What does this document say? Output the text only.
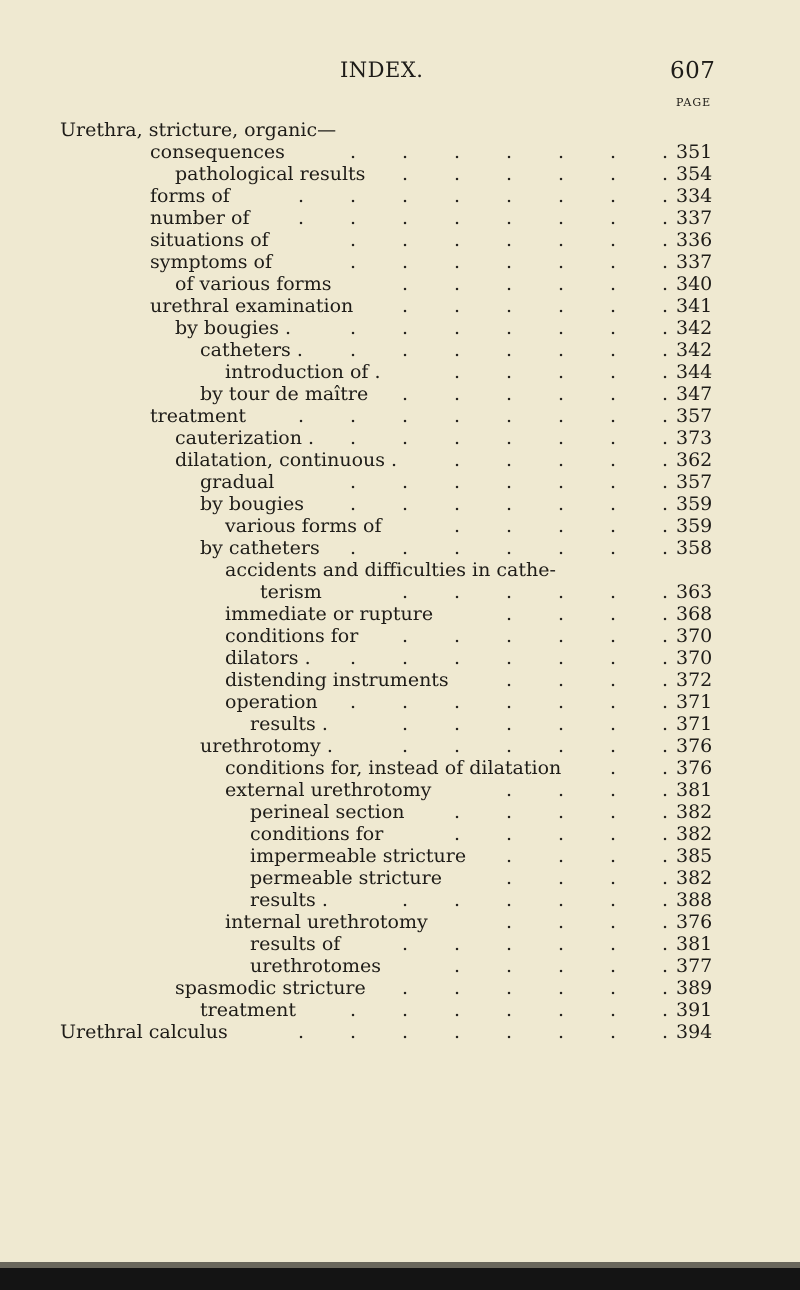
INDEX.	607
PAGE
Urethra, stricture, organic—
consequences	351
.
.
.
.
.
.
.
pathological results	354
.
.
.
.
.
.
forms of	334
.
.
.
.
.
.
.
.
number of	337
.
.
.
.
.
.
.
.
situations of	336
.
.
.
.
.
.
.
symptoms of	337
.
.
.
.
.
.
.
of various forms	340
.
.
.
.
.
.
urethral examination	341
.
.
.
.
.
.
by bougies .	342
.
.
.
.
.
.
.
catheters .	342
.
.
.
.
.
.
.
introduction of .	344
.
.
.
.
.
by tour de maître	347
.
.
.
.
.
.
treatment	357
.
.
.
.
.
.
.
.
cauterization .	373
.
.
.
.
.
.
.
dilatation, continuous .	362
.
.
.
.
.
gradual	357
.
.
.
.
.
.
.
by bougies	359
.
.
.
.
.
.
.
various forms of	359
.
.
.
.
.
by catheters	358
.
.
.
.
.
.
.
accidents and difficulties in cathe-
terism	363
.
.
.
.
.
.
immediate or rupture	368
.
.
.
.
conditions for	370
.
.
.
.
.
.
dilators .	370
.
.
.
.
.
.
.
distending instruments	372
.
.
.
.
operation	371
.
.
.
.
.
.
.
results .	371
.
.
.
.
.
.
urethrotomy .	376
.
.
.
.
.
.
conditions for, instead of dilatation	376
.
.
external urethrotomy	381
.
.
.
.
perineal section	382
.
.
.
.
.
conditions for	382
.
.
.
.
.
impermeable stricture	385
.
.
.
.
permeable stricture	382
.
.
.
.
results .	388
.
.
.
.
.
.
internal urethrotomy	376
.
.
.
.
results of	381
.
.
.
.
.
.
urethrotomes	377
.
.
.
.
.
spasmodic stricture	389
.
.
.
.
.
.
treatment	391
.
.
.
.
.
.
.
Urethral calculus	394
.
.
.
.
.
.
.
.
